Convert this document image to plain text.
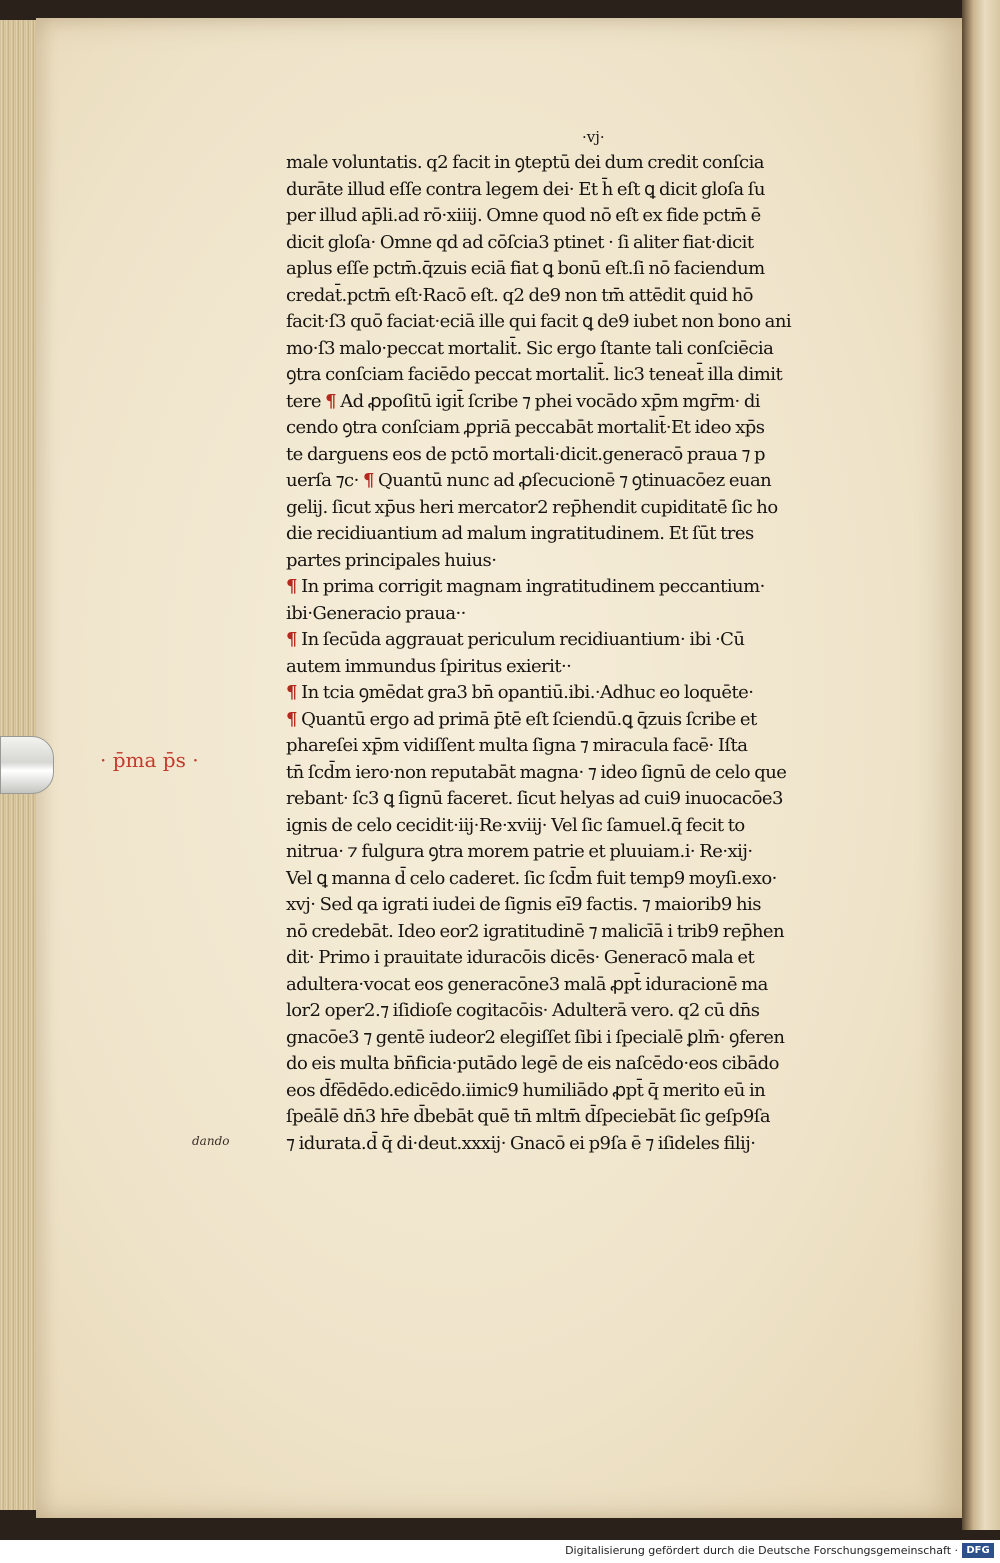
·vj·
· p̄ma p̄s ·
dando
male voluntatis. q2 facit in ꝯteptū dei dum credit conſcia
durāte illud eſſe contra legem dei· Et h̄ eſt ꝗ dicit gloſa ſu
per illud ap̄li.ad rō·xiiij. Omne quod nō eſt ex fide pctm̄ ē
dicit gloſa· Omne qd ad cōſcia3 ptinet · ſi aliter fiat·dicit
aplus eſſe pctm̄.q̄zuis eciā fiat ꝗ bonū eſt.ſi nō faciendum
credat̄.pctm̄ eſt·Racō eſt. q2 de9 non tm̄ attēdit quid hō
facit·ſ3 quō faciat·eciā ille qui facit ꝗ de9 iubet non bono ani
mo·ſ3 malo·peccat mortalit̄. Sic ergo ſtante tali conſciēcia
ꝯtra conſciam faciēdo peccat mortalit̄. lic3 teneat̄ illa dimit
tere ¶ Ad ꝓpoſitū igit̄ ſcribe ⁊ phei vocādo xp̄m mgr̄m· di
cendo ꝯtra conſciam ꝓpriā peccabāt mortalit̄·Et ideo xp̄s
te darguens eos de pctō mortali·dicit.generacō praua ⁊ p
uerſa ⁊c· ¶ Quantū nunc ad ꝓſecucionē ⁊ ꝯtinuacōez euan
gelij. ſicut xp̄us heri mercator2 rep̄hendit cupiditatē ſic ho
die recidiuantium ad malum ingratitudinem. Et ſūt tres
partes principales huius·
¶ In prima corrigit magnam ingratitudinem peccantium·
ibi·Generacio praua··
¶ In ſecūda aggrauat periculum recidiuantium· ibi ·Cū
autem immundus ſpiritus exierit··
¶ In tcia ꝯmēdat gra3 bn̄ opantiū.ibi.·Adhuc eo loquēte·
¶ Quantū ergo ad primā p̄tē eſt ſciendū.ꝗ q̄zuis ſcribe et
phareſei xp̄m vidiſſent multa ſigna ⁊ miracula facē· Iſta
tn̄ ſcd̄m iero·non reputabāt magna· ⁊ ideo ſignū de celo que
rebant· ſc3 ꝗ ſignū faceret. ſicut helyas ad cui9 inuocacōe3
ignis de celo cecidit·iij·Re·xviij· Vel ſic ſamuel.q̄ fecit to
nitrua· ⁊ fulgura ꝯtra morem patrie et pluuiam.i· Re·xij·
Vel ꝗ manna d̄ celo caderet. ſic ſcd̄m fuit temp9 moyſi.exo·
xvj· Sed qa igrati iudei de ſignis eī9 factis. ⁊ maiorib9 his
nō credebāt. Ideo eor2 igratitudinē ⁊ malicīā i trib9 rep̄hen
dit· Primo i prauitate iduracōis dicēs· Generacō mala et
adultera·vocat eos generacōne3 malā ꝓpt̄ iduracionē ma
lor2 oper2.⁊ iſidioſe cogitacōis· Adulterā vero. q2 cū dn̄s
gnacōe3 ⁊ gentē iudeor2 elegiſſet ſibi i ſpecialē ꝑlm̄· ꝯferen
do eis multa bn̄ficia·putādo legē de eis naſcēdo·eos cibādo
eos d̄fēdēdo.edicēdo.iimic9 humiliādo ꝓpt̄ q̄ merito eū in
ſpeālē dn̄3 hr̄e d̄bebāt quē tn̄ mltm̄ d̄ſpeciebāt ſic geſp9ſa
⁊ idurata.d̄ q̄ di·deut.xxxij· Gnacō ei p9ſa ē ⁊ iſideles filij·
Digitalisierung gefördert durch die Deutsche Forschungsgemeinschaft · DFG
